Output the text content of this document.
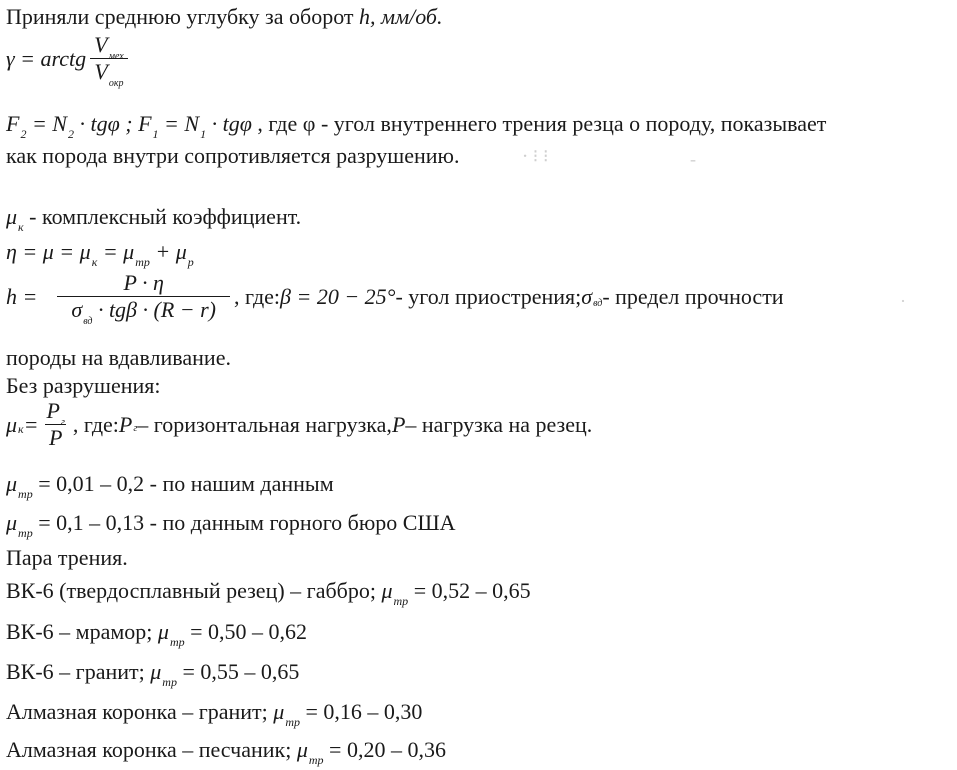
Приняли среднюю углубку за оборот h, мм/об.
γ = arctg $\frac{V_{мех}}{V_{окр}}$
$F_2 = N_2 \cdot tg\varphi$ ; $F_1 = N_1 \cdot tg\varphi$ , где φ - угол внутреннего трения резца о породу, показывает
как порода внутри сопротивляется разрушению.	⋅ ⁝ ⁝	‐
$\mu_к$ - комплексный коэффициент.
$\eta = \mu = \mu_к = \mu_{тр} + \mu_р$
$h = \frac{P \cdot \eta}{\sigma_{вд} \cdot tg\beta \cdot (R - r)}$ , где: β = 20 − 25° - угол приострения; σ вд - предел прочности	·
породы на вдавливание.
Без разрушения:
μ $к = \frac{P_г}{P}$ , где: P г – горизонтальная нагрузка, P – нагрузка на резец.
$\mu_{тр} = 0,01 - 0,2$ - по нашим данным
$\mu_{тр} = 0,1 - 0,13$ - по данным горного бюро США
Пара трения.
ВК-6 (твердосплавный резец) – габбро; $\mu_{тр} = 0,52 - 0,65$
ВК-6 – мрамор; $\mu_{тр} = 0,50 - 0,62$
ВК-6 – гранит; $\mu_{тр} = 0,55 - 0,65$
Алмазная коронка – гранит; $\mu_{тр} = 0,16 - 0,30$
Алмазная коронка – песчаник; $\mu_{тр} = 0,20 - 0,36$
